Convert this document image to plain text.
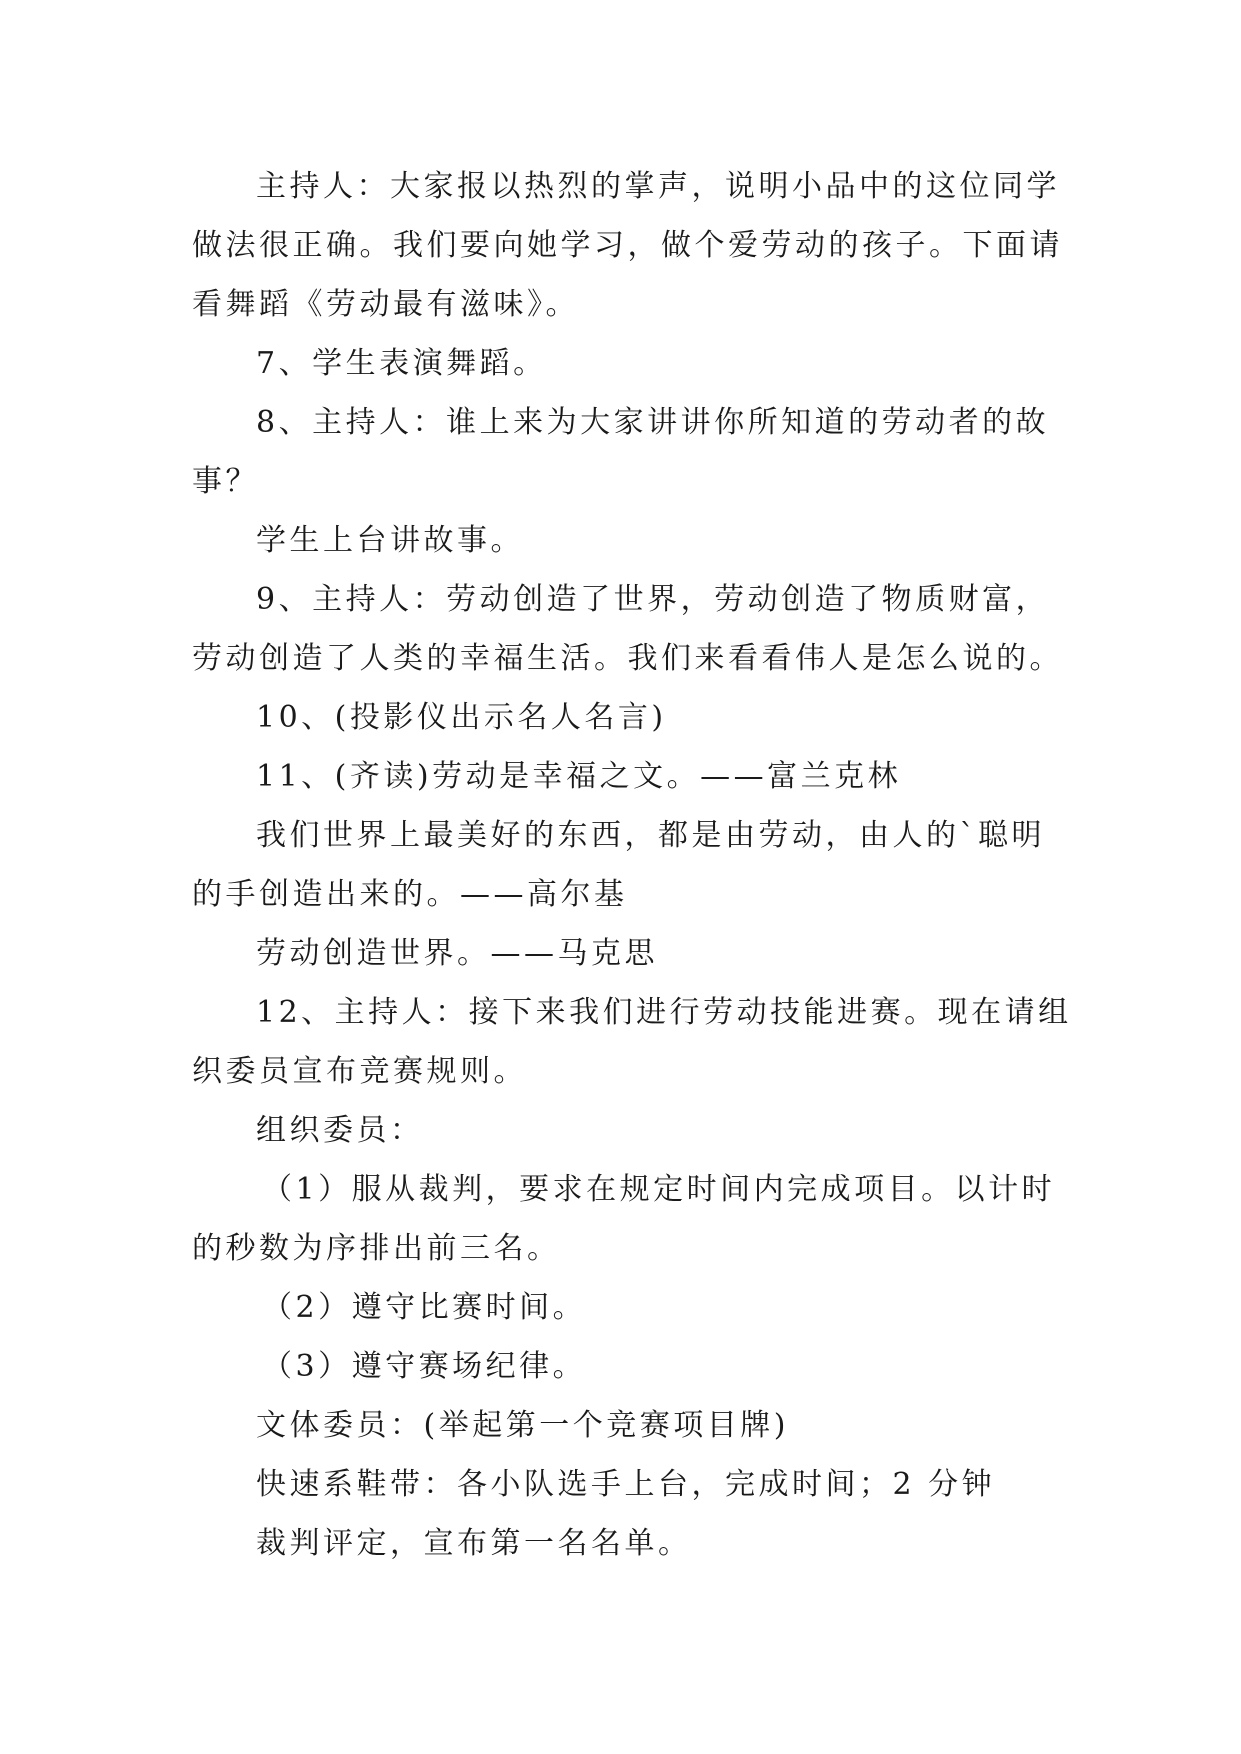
主持人：大家报以热烈的掌声，说明小品中的这位同学
做法很正确。我们要向她学习，做个爱劳动的孩子。下面请
看舞蹈《劳动最有滋味》。
7、学生表演舞蹈。
8、主持人：谁上来为大家讲讲你所知道的劳动者的故
事？
学生上台讲故事。
9、主持人：劳动创造了世界，劳动创造了物质财富，
劳动创造了人类的幸福生活。我们来看看伟人是怎么说的。
10、(投影仪出示名人名言)
11、(齐读)劳动是幸福之文。——富兰克林
我们世界上最美好的东西，都是由劳动，由人的`聪明
的手创造出来的。——高尔基
劳动创造世界。——马克思
12、主持人：接下来我们进行劳动技能进赛。现在请组
织委员宣布竞赛规则。
组织委员：
（1）服从裁判，要求在规定时间内完成项目。以计时
的秒数为序排出前三名。
（2）遵守比赛时间。
（3）遵守赛场纪律。
文体委员：(举起第一个竞赛项目牌)
快速系鞋带：各小队选手上台，完成时间；2 分钟
裁判评定，宣布第一名名单。
